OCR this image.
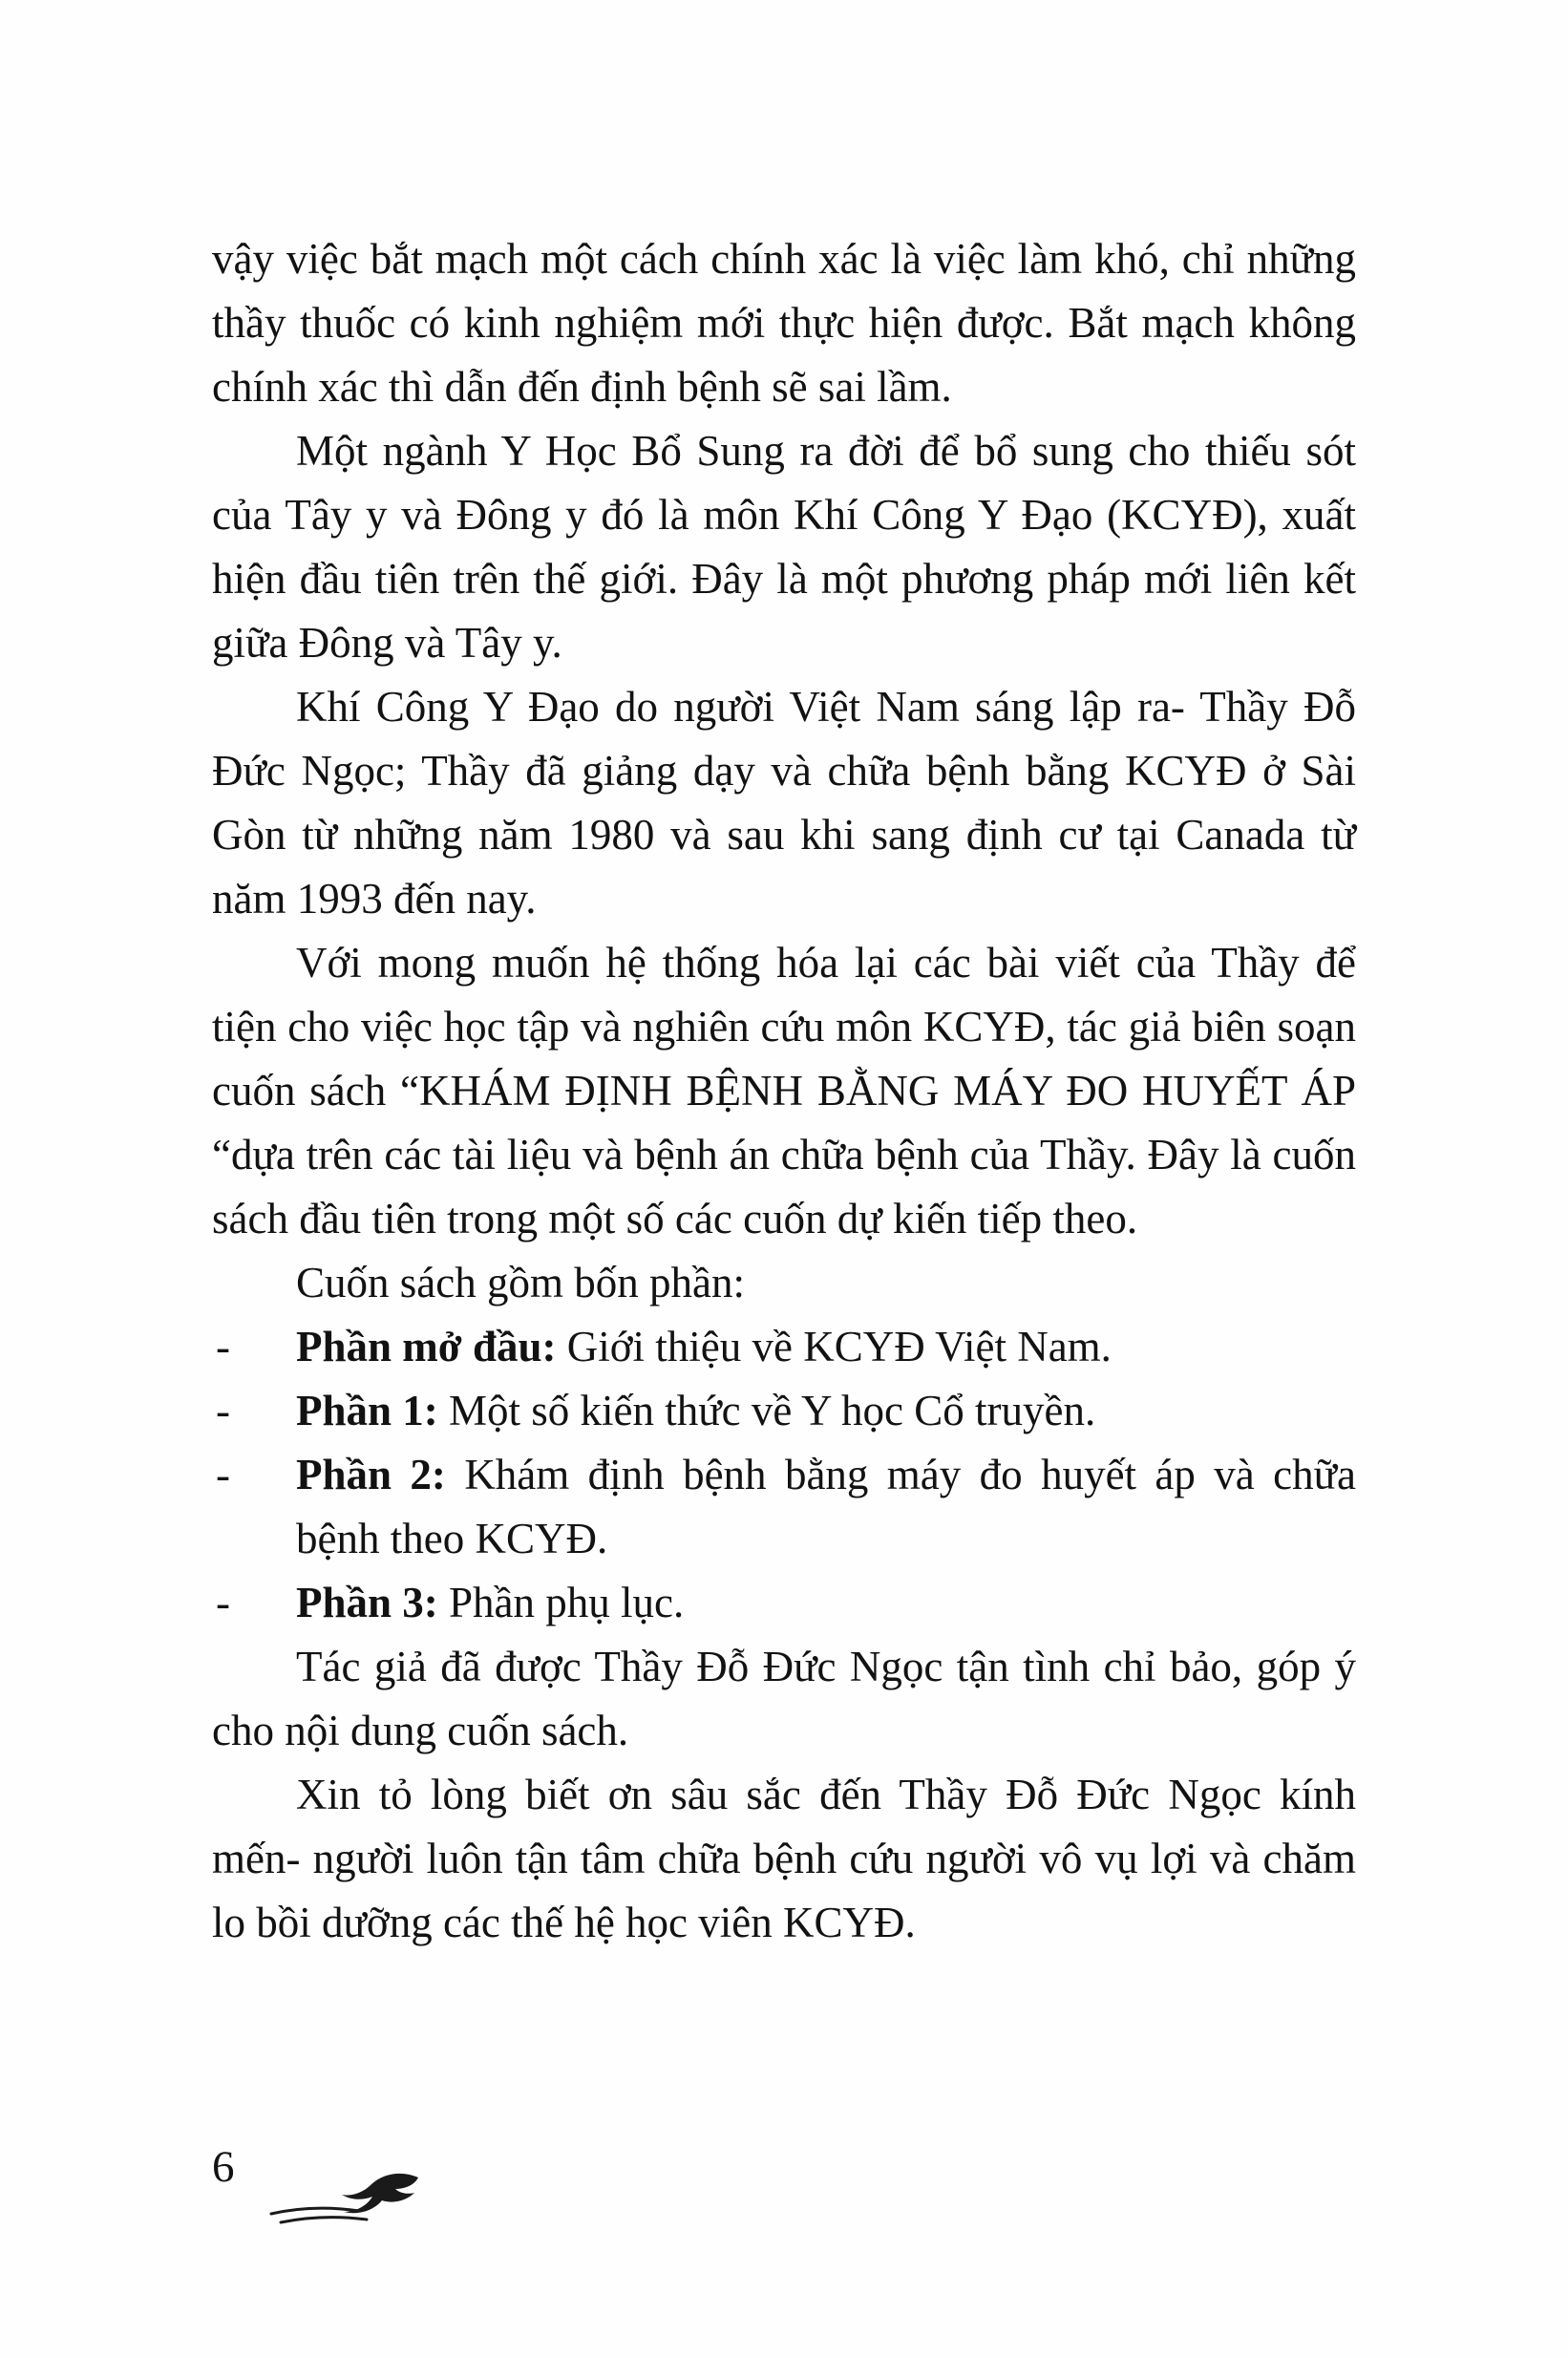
vậy việc bắt mạch một cách chính xác là việc làm khó, chỉ những thầy thuốc có kinh nghiệm mới thực hiện được. Bắt mạch không chính xác thì dẫn đến định bệnh sẽ sai lầm.

Một ngành Y Học Bổ Sung ra đời để bổ sung cho thiếu sót của Tây y và Đông y đó là môn Khí Công Y Đạo (KCYĐ), xuất hiện đầu tiên trên thế giới. Đây là một phương pháp mới liên kết giữa Đông và Tây y.

Khí Công Y Đạo do người Việt Nam sáng lập ra- Thầy Đỗ Đức Ngọc; Thầy đã giảng dạy và chữa bệnh bằng KCYĐ ở Sài Gòn từ những năm 1980 và sau khi sang định cư tại Canada từ năm 1993 đến nay.

Với mong muốn hệ thống hóa lại các bài viết của Thầy để tiện cho việc học tập và nghiên cứu môn KCYĐ, tác giả biên soạn cuốn sách “KHÁM ĐỊNH BỆNH BẰNG MÁY ĐO HUYẾT ÁP “dựa trên các tài liệu và bệnh án chữa bệnh của Thầy. Đây là cuốn sách đầu tiên trong một số các cuốn dự kiến tiếp theo.

Cuốn sách gồm bốn phần:

- Phần mở đầu: Giới thiệu về KCYĐ Việt Nam.

- Phần 1: Một số kiến thức về Y học Cổ truyền.

- Phần 2: Khám định bệnh bằng máy đo huyết áp và chữa bệnh theo KCYĐ.

- Phần 3: Phần phụ lục.

Tác giả đã được Thầy Đỗ Đức Ngọc tận tình chỉ bảo, góp ý cho nội dung cuốn sách.

Xin tỏ lòng biết ơn sâu sắc đến Thầy Đỗ Đức Ngọc kính mến- người luôn tận tâm chữa bệnh cứu người vô vụ lợi và chăm lo bồi dưỡng các thế hệ học viên KCYĐ.

6
